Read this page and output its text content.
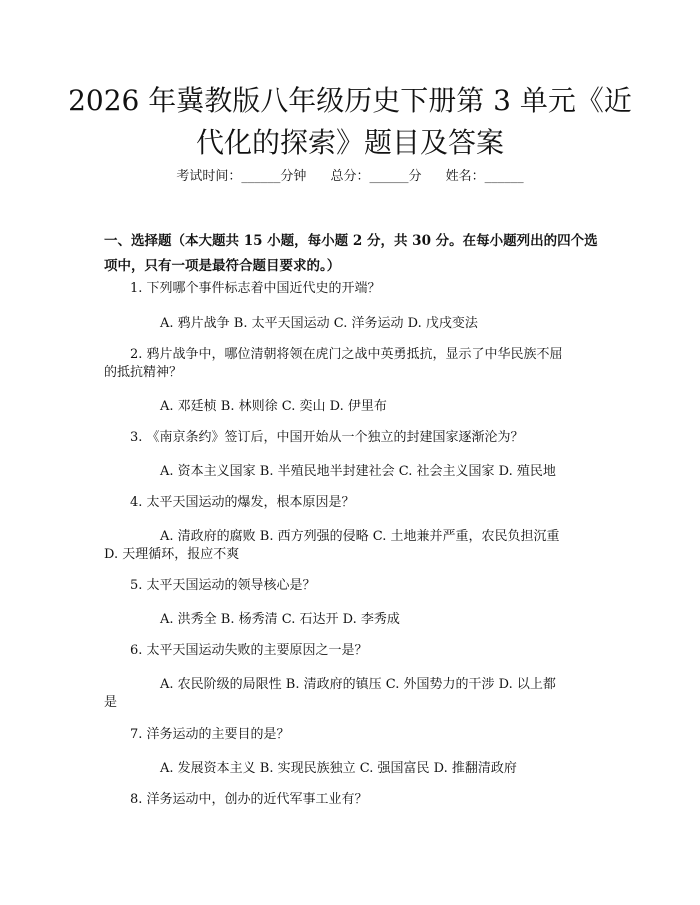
2026 年冀教版八年级历史下册第 3 单元《近
代化的探索》题目及答案
考试时间：______分钟 总分：______分 姓名：______
一、选择题（本大题共 15 小题，每小题 2 分，共 30 分。在每小题列出的四个选
项中，只有一项是最符合题目要求的。）
1. 下列哪个事件标志着中国近代史的开端？
A. 鸦片战争 B. 太平天国运动 C. 洋务运动 D. 戊戌变法
2. 鸦片战争中，哪位清朝将领在虎门之战中英勇抵抗，显示了中华民族不屈
的抵抗精神？
A. 邓廷桢 B. 林则徐 C. 奕山 D. 伊里布
3. 《南京条约》签订后，中国开始从一个独立的封建国家逐渐沦为？
A. 资本主义国家 B. 半殖民地半封建社会 C. 社会主义国家 D. 殖民地
4. 太平天国运动的爆发，根本原因是？
A. 清政府的腐败 B. 西方列强的侵略 C. 土地兼并严重，农民负担沉重
D. 天理循环，报应不爽
5. 太平天国运动的领导核心是？
A. 洪秀全 B. 杨秀清 C. 石达开 D. 李秀成
6. 太平天国运动失败的主要原因之一是？
A. 农民阶级的局限性 B. 清政府的镇压 C. 外国势力的干涉 D. 以上都
是
7. 洋务运动的主要目的是？
A. 发展资本主义 B. 实现民族独立 C. 强国富民 D. 推翻清政府
8. 洋务运动中，创办的近代军事工业有？
